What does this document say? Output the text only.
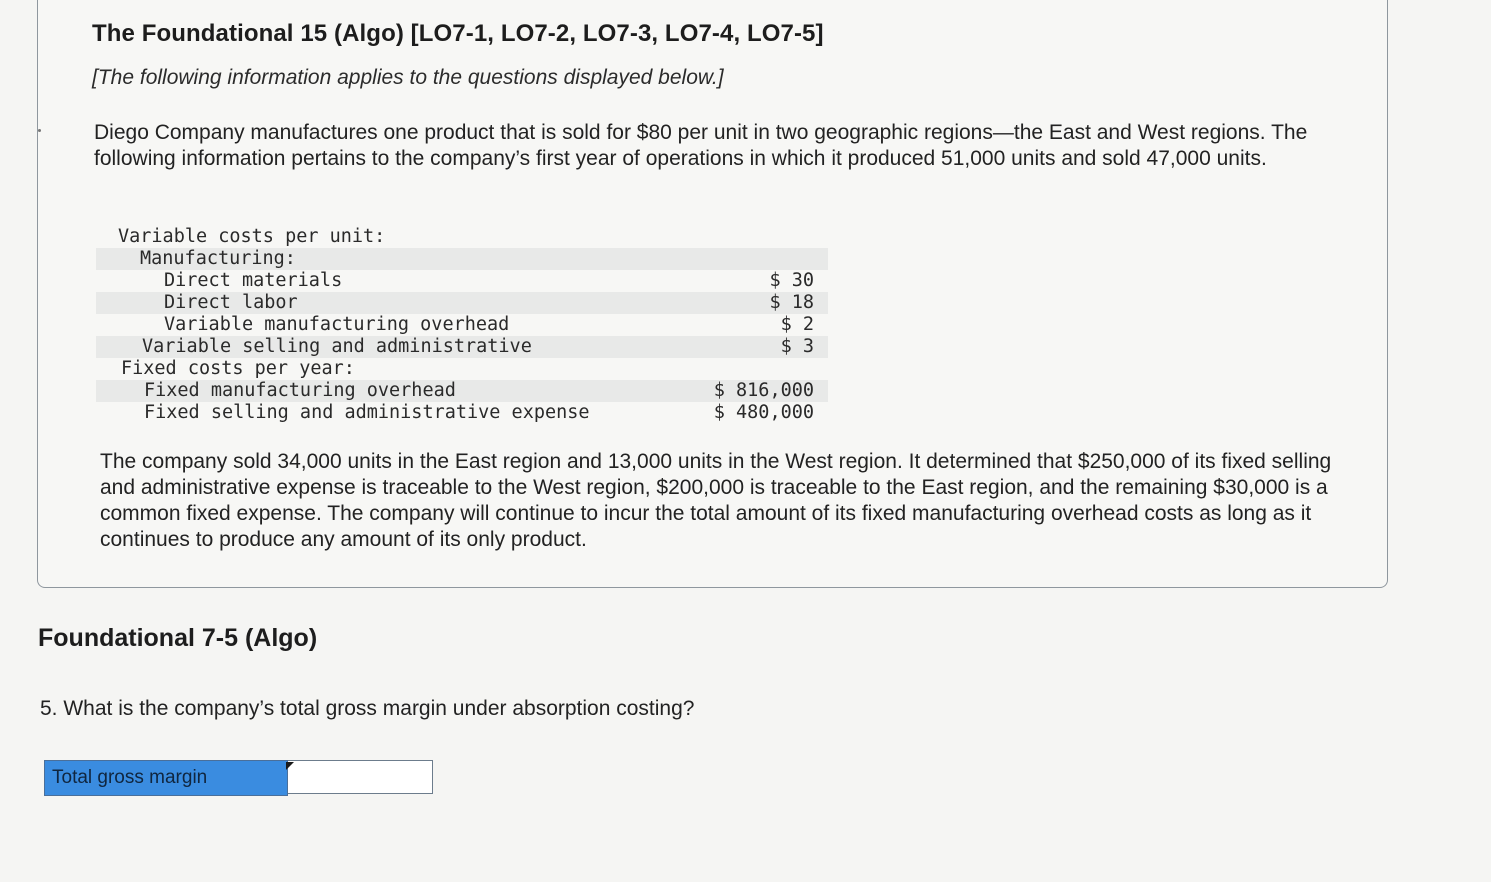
The Foundational 15 (Algo) [LO7-1, LO7-2, LO7-3, LO7-4, LO7-5]
[The following information applies to the questions displayed below.]
Diego Company manufactures one product that is sold for $80 per unit in two geographic regions—the East and West regions. The following information pertains to the company’s first year of operations in which it produced 51,000 units and sold 47,000 units.
Variable costs per unit:
Manufacturing:
Direct materials	$ 30
Direct labor	$ 18
Variable manufacturing overhead	$ 2
Variable selling and administrative	$ 3
Fixed costs per year:
Fixed manufacturing overhead	$ 816,000
Fixed selling and administrative expense	$ 480,000
The company sold 34,000 units in the East region and 13,000 units in the West region. It determined that $250,000 of its fixed selling and administrative expense is traceable to the West region, $200,000 is traceable to the East region, and the remaining $30,000 is a common fixed expense. The company will continue to incur the total amount of its fixed manufacturing overhead costs as long as it continues to produce any amount of its only product.
Foundational 7-5 (Algo)
5. What is the company’s total gross margin under absorption costing?
Total gross margin
